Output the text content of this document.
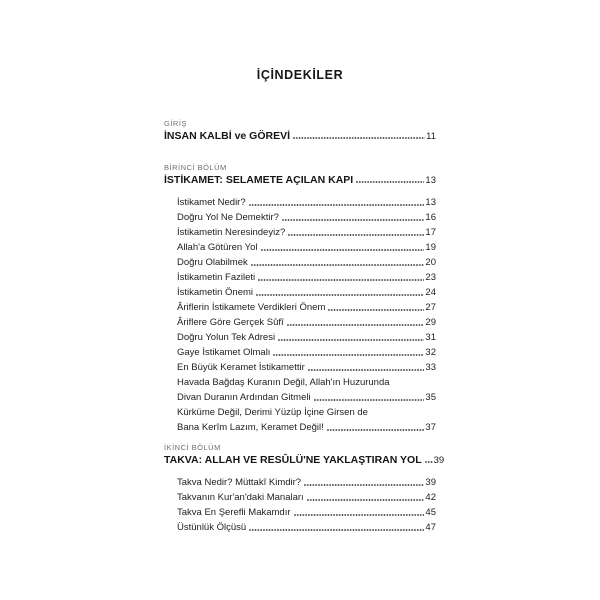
İÇİNDEKİLER
GİRİŞ
İNSAN KALBİ ve GÖREVİ	11
BİRİNCİ BÖLÜM
İSTİKAMET: SELAMETE AÇILAN KAPI	13
İstikamet Nedir?	13
Doğru Yol Ne Demektir?	16
İstikametin Neresindeyiz?	17
Allah'a Götüren Yol	19
Doğru Olabilmek	20
İstikametin Fazileti	23
İstikametin Önemi	24
Âriflerin İstikamete Verdikleri Önem	27
Âriflere Göre Gerçek Sûfî	29
Doğru Yolun Tek Adresi	31
Gaye İstikamet Olmalı	32
En Büyük Keramet İstikamettir	33
Havada Bağdaş Kuranın Değil, Allah'ın Huzurunda
Divan Duranın Ardından Gitmeli	35
Kürküme Değil, Derimi Yüzüp İçine Girsen de
Bana Kerîm Lazım, Keramet Değil!	37
İKİNCİ BÖLÜM
TAKVA: ALLAH VE RESÛLÜ'NE YAKLAŞTIRAN YOL 39
Takva Nedir? Müttakî Kimdir?	39
Takvanın Kur'an'daki Manaları	42
Takva En Şerefli Makamdır	45
Üstünlük Ölçüsü	47
